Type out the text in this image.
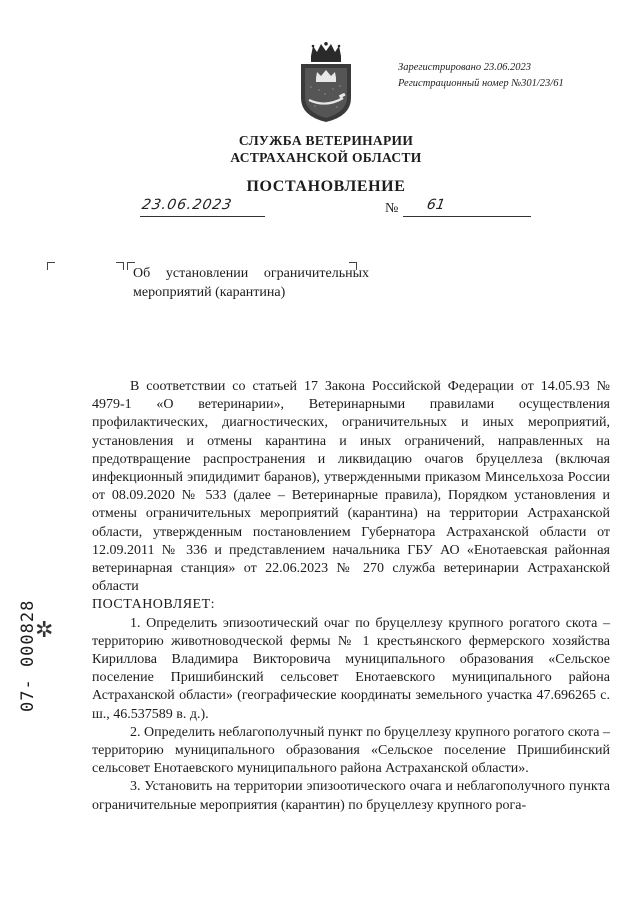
Зарегистрировано 23.06.2023
Регистрационный номер №301/23/61
СЛУЖБА ВЕТЕРИНАРИИ
АСТРАХАНСКОЙ ОБЛАСТИ
ПОСТАНОВЛЕНИЕ
23.06.2023	№ 61
Об установлении ограничительных мероприятий (карантина)

В соответствии со статьей 17 Закона Российской Федерации от 14.05.93 № 4979-1 «О ветеринарии», Ветеринарными правилами осуществления профилактических, диагностических, ограничительных и иных мероприятий, установления и отмены карантина и иных ограничений, направленных на предотвращение распространения и ликвидацию очагов бруцеллеза (включая инфекционный эпидидимит баранов), утвержденными приказом Минсельхоза России от 08.09.2020 № 533 (далее – Ветеринарные правила), Порядком установления и отмены ограничительных мероприятий (карантина) на территории Астраханской области, утвержденным постановлением Губернатора Астраханской области от 12.09.2011 № 336 и представлением начальника ГБУ АО «Енотаевская районная ветеринарная станция» от 22.06.2023 № 270 служба ветеринарии Астраханской области

ПОСТАНОВЛЯЕТ:

1. Определить эпизоотический очаг по бруцеллезу крупного рогатого скота – территорию животноводческой фермы № 1 крестьянского фермерского хозяйства Кириллова Владимира Викторовича муниципального образования «Сельское поселение Пришибинский сельсовет Енотаевского муниципального района Астраханской области» (географические координаты земельного участка 47.696265 с. ш., 46.537589 в. д.).

2. Определить неблагополучный пункт по бруцеллезу крупного рогатого скота – территорию муниципального образования «Сельское поселение Пришибинский сельсовет Енотаевского муниципального района Астраханской области».

3. Установить на территории эпизоотического очага и неблагополучного пункта ограничительные мероприятия (карантин) по бруцеллезу крупного рога-

✲
07- 000828
